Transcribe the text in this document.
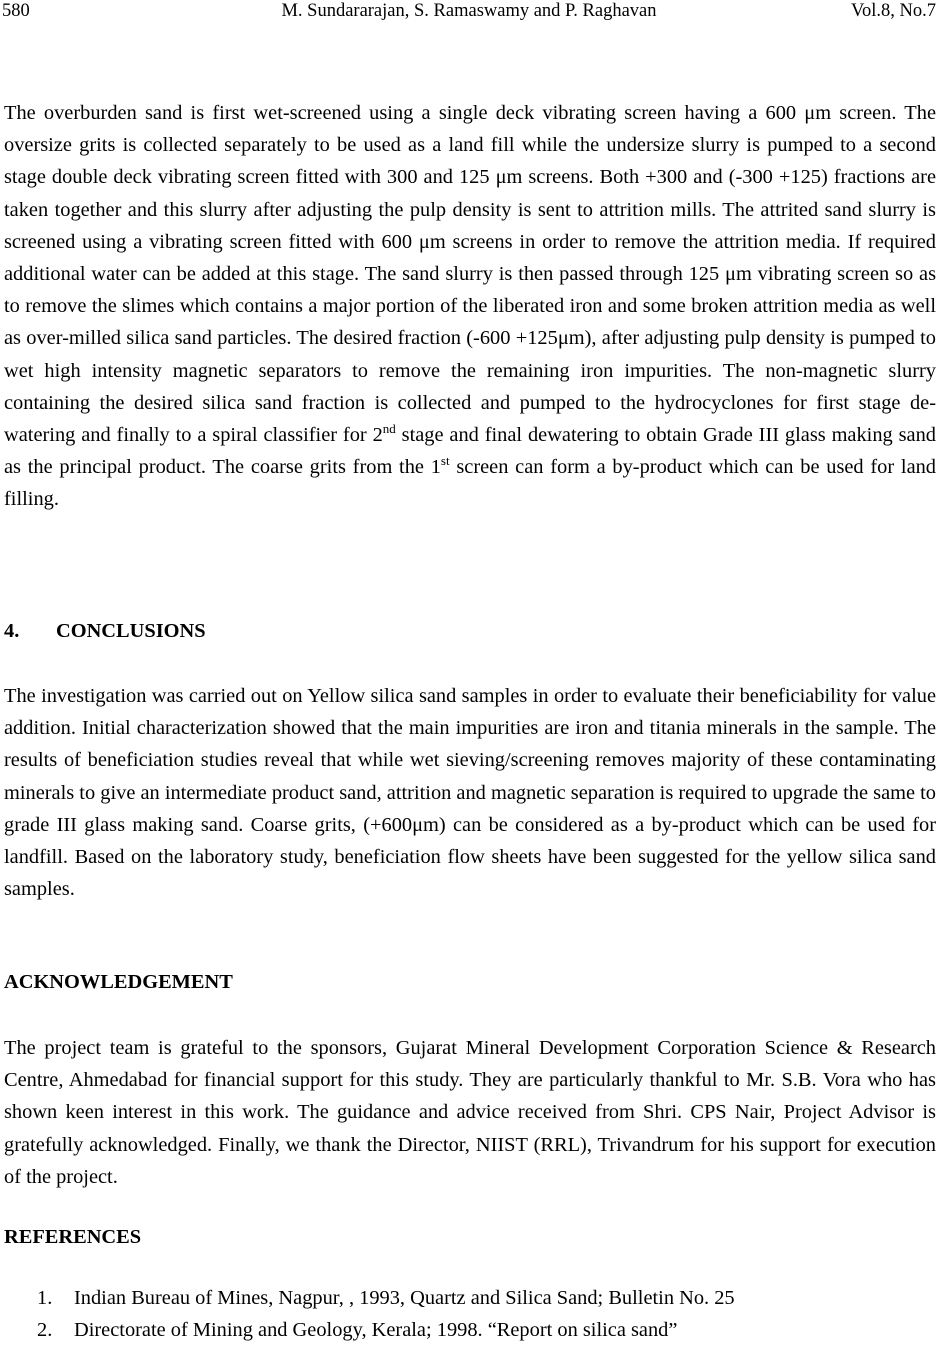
580	M. Sundararajan, S. Ramaswamy and P. Raghavan	Vol.8, No.7

The overburden sand is first wet-screened using a single deck vibrating screen having a 600 μm screen. The oversize grits is collected separately to be used as a land fill while the undersize slurry is pumped to a second stage double deck vibrating screen fitted with 300 and 125 μm screens. Both +300 and (-300 +125) fractions are taken together and this slurry after adjusting the pulp density is sent to attrition mills. The attrited sand slurry is screened using a vibrating screen fitted with 600 μm screens in order to remove the attrition media. If required additional water can be added at this stage. The sand slurry is then passed through 125 μm vibrating screen so as to remove the slimes which contains a major portion of the liberated iron and some broken attrition media as well as over-milled silica sand particles. The desired fraction (-600 +125μm), after adjusting pulp density is pumped to wet high intensity magnetic separators to remove the remaining iron impurities. The non-magnetic slurry containing the desired silica sand fraction is collected and pumped to the hydrocyclones for first stage de-watering and finally to a spiral classifier for 2nd stage and final dewatering to obtain Grade III glass making sand as the principal product. The coarse grits from the 1st screen can form a by-product which can be used for land filling.

4. CONCLUSIONS

The investigation was carried out on Yellow silica sand samples in order to evaluate their beneficiability for value addition. Initial characterization showed that the main impurities are iron and titania minerals in the sample. The results of beneficiation studies reveal that while wet sieving/screening removes majority of these contaminating minerals to give an intermediate product sand, attrition and magnetic separation is required to upgrade the same to grade III glass making sand. Coarse grits, (+600μm) can be considered as a by-product which can be used for landfill. Based on the laboratory study, beneficiation flow sheets have been suggested for the yellow silica sand samples.

ACKNOWLEDGEMENT

The project team is grateful to the sponsors, Gujarat Mineral Development Corporation Science & Research Centre, Ahmedabad for financial support for this study. They are particularly thankful to Mr. S.B. Vora who has shown keen interest in this work. The guidance and advice received from Shri. CPS Nair, Project Advisor is gratefully acknowledged. Finally, we thank the Director, NIIST (RRL), Trivandrum for his support for execution of the project.

REFERENCES
1. Indian Bureau of Mines, Nagpur, , 1993, Quartz and Silica Sand; Bulletin No. 25
2. Directorate of Mining and Geology, Kerala; 1998. “Report on silica sand”
